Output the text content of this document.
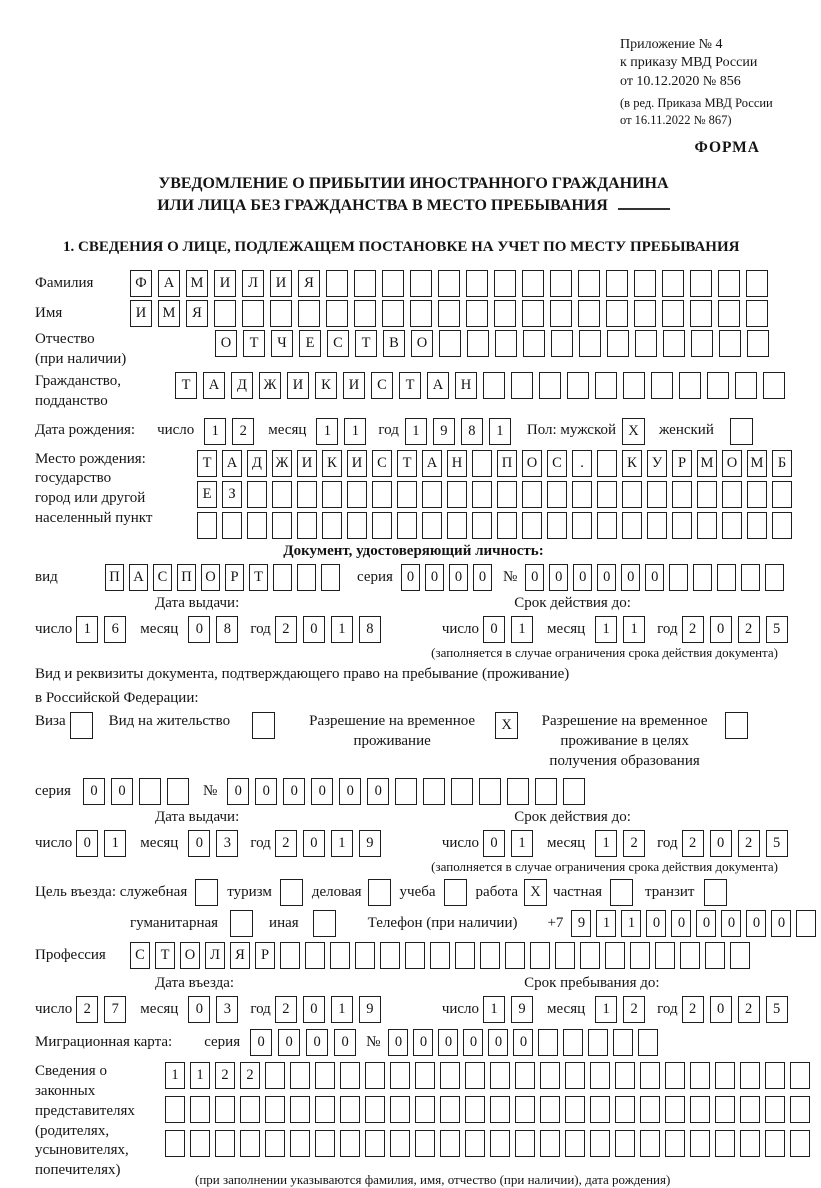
Приложение № 4
к приказу МВД России
от 10.12.2020 № 856
(в ред. Приказа МВД России
от 16.11.2022 № 867)
ФОРМА
УВЕДОМЛЕНИЕ О ПРИБЫТИИ ИНОСТРАННОГО ГРАЖДАНИНА
ИЛИ ЛИЦА БЕЗ ГРАЖДАНСТВА В МЕСТО ПРЕБЫВАНИЯ
1. СВЕДЕНИЯ О ЛИЦЕ, ПОДЛЕЖАЩЕМ ПОСТАНОВКЕ НА УЧЕТ ПО МЕСТУ ПРЕБЫВАНИЯ
Фамилия	Ф	А	М	И	Л	И	Я
Имя	И	М	Я
Отчество
(при наличии)
О	Т	Ч	Е	С	Т	В	О
Гражданство,
подданство
Т	А	Д	Ж	И	К	И	С	Т	А	Н
Дата рождения: число	1	2	месяц	1	1	год 1	9	8	1	Пол: мужской X	женский
Место рождения:
государство
город или другой
населенный пункт
Т	А	Д Ж И	К	И	С	Т	А	Н	П	О	С	.	К	У	Р	М О М Б
Е	З
Документ, удостоверяющий личность:
вид	П А С П О	Р	Т	серия 0	0	0	0	№ 0	0	0	0	0	0
Дата выдачи:	Срок действия до:
число 1	6	месяц	0	8	год 2	0	1	8	число 0	1	месяц	1	1	год 2	0	2	5
(заполняется в случае ограничения срока действия документа)
Вид и реквизиты документа, подтверждающего право на пребывание (проживание)
в Российской Федерации:
Виза	Вид на жительство	Разрешение на временное
проживание
X	Разрешение на временное
проживание в целях
получения образования
серия	0	0	№	0	0	0	0	0	0
Дата выдачи:	Срок действия до:
число 0	1	месяц	0	3	год 2	0	1	9	число 0	1	месяц	1	2	год 2	0	2	5
(заполняется в случае ограничения срока действия документа)
Цель въезда: служебная	туризм	деловая	учеба	работа X частная	транзит
гуманитарная	иная	Телефон (при наличии) +7 9	1	1	0	0	0	0	0	0
Профессия	С	Т	О	Л	Я	Р
Дата въезда:	Срок пребывания до:
число 2	7	месяц	0	3	год 2	0	1	9	число 1	9	месяц	1	2	год 2	0	2	5
Миграционная карта: серия	0	0	0	0	№ 0	0	0	0	0	0
Сведения о
законных
представителях
(родителях,
усыновителях,
попечителях)
1	1	2	2
(при заполнении указываются фамилия, имя, отчество (при наличии), дата рождения)
